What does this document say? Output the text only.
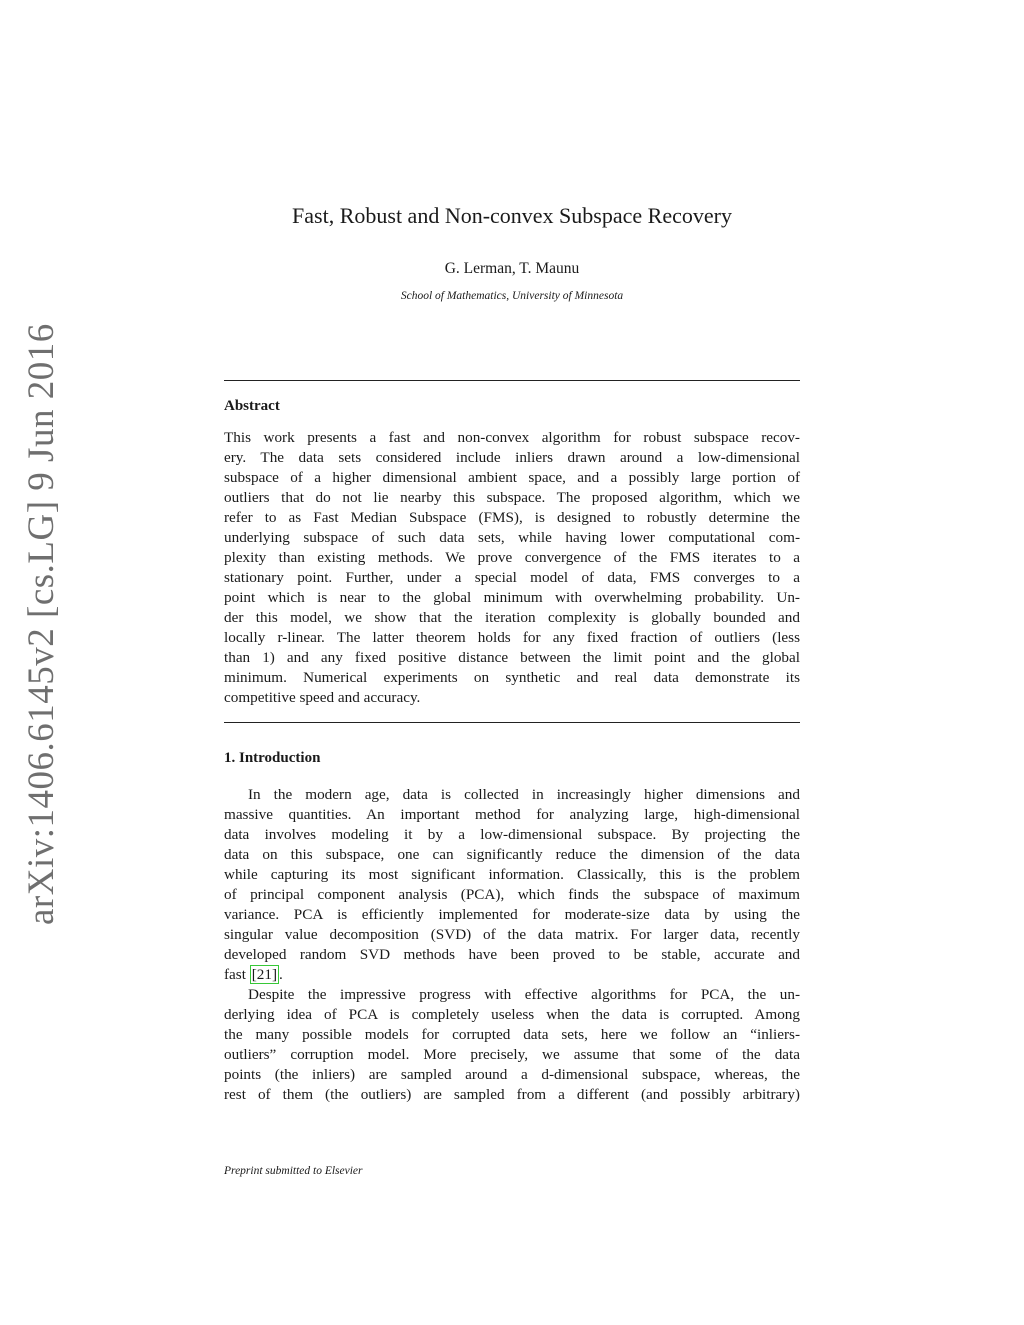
arXiv:1406.6145v2 [cs.LG] 9 Jun 2016
Fast, Robust and Non-convex Subspace Recovery
G. Lerman, T. Maunu
School of Mathematics, University of Minnesota
Abstract
This work presents a fast and non-convex algorithm for robust subspace recov-
ery. The data sets considered include inliers drawn around a low-dimensional
subspace of a higher dimensional ambient space, and a possibly large portion of
outliers that do not lie nearby this subspace. The proposed algorithm, which we
refer to as Fast Median Subspace (FMS), is designed to robustly determine the
underlying subspace of such data sets, while having lower computational com-
plexity than existing methods. We prove convergence of the FMS iterates to a
stationary point. Further, under a special model of data, FMS converges to a
point which is near to the global minimum with overwhelming probability. Un-
der this model, we show that the iteration complexity is globally bounded and
locally r-linear. The latter theorem holds for any fixed fraction of outliers (less
than 1) and any fixed positive distance between the limit point and the global
minimum. Numerical experiments on synthetic and real data demonstrate its
competitive speed and accuracy.
1. Introduction
In the modern age, data is collected in increasingly higher dimensions and
massive quantities. An important method for analyzing large, high-dimensional
data involves modeling it by a low-dimensional subspace. By projecting the
data on this subspace, one can significantly reduce the dimension of the data
while capturing its most significant information. Classically, this is the problem
of principal component analysis (PCA), which finds the subspace of maximum
variance. PCA is efficiently implemented for moderate-size data by using the
singular value decomposition (SVD) of the data matrix. For larger data, recently
developed random SVD methods have been proved to be stable, accurate and
fast [21] .
Despite the impressive progress with effective algorithms for PCA, the un-
derlying idea of PCA is completely useless when the data is corrupted. Among
the many possible models for corrupted data sets, here we follow an “inliers-
outliers” corruption model. More precisely, we assume that some of the data
points (the inliers) are sampled around a d-dimensional subspace, whereas, the
rest of them (the outliers) are sampled from a different (and possibly arbitrary)
Preprint submitted to Elsevier
